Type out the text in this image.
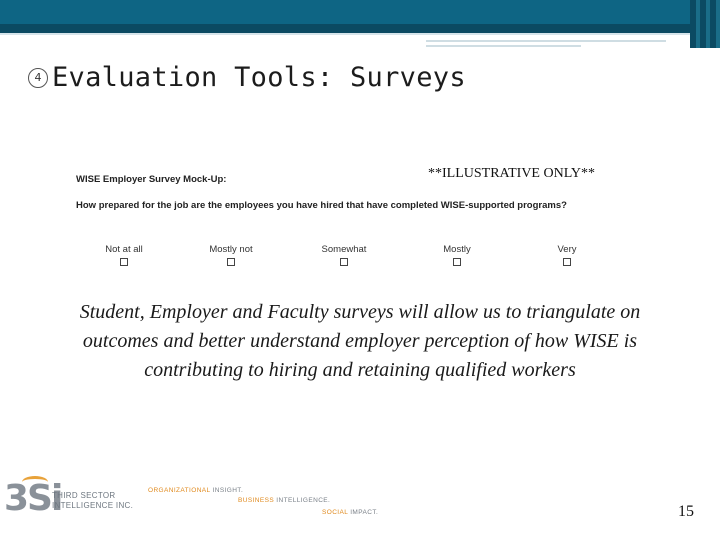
4 Evaluation Tools: Surveys
WISE Employer Survey Mock-Up:	**ILLUSTRATIVE ONLY**
How prepared for the job are the employees you have hired that have completed WISE-supported programs?
Not at all	Mostly not	Somewhat	Mostly	Very
Student, Employer and Faculty surveys will allow us to triangulate on outcomes and better understand employer perception of how WISE is contributing to hiring and retaining qualified workers
3Si
THIRD SECTOR
INTELLIGENCE INC.
ORGANIZATIONAL INSIGHT.
BUSINESS INTELLIGENCE.
SOCIAL IMPACT.	15
